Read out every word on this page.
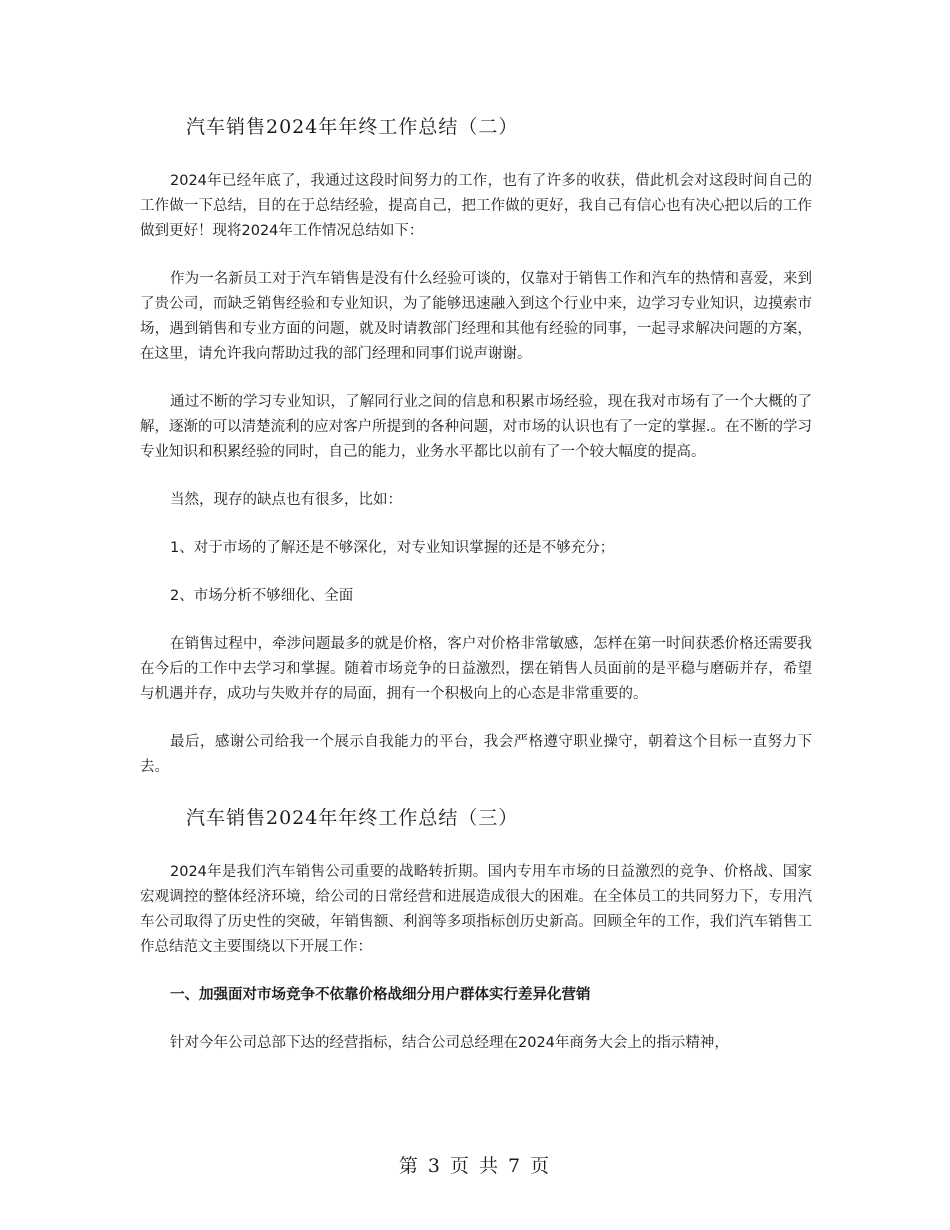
汽车销售2024年年终工作总结（二）

2024年已经年底了，我通过这段时间努力的工作，也有了许多的收获，借此机会对这段时间自己的工作做一下总结，目的在于总结经验，提高自己，把工作做的更好，我自己有信心也有决心把以后的工作做到更好！现将2024年工作情况总结如下：

作为一名新员工对于汽车销售是没有什么经验可谈的，仅靠对于销售工作和汽车的热情和喜爱，来到了贵公司，而缺乏销售经验和专业知识，为了能够迅速融入到这个行业中来，边学习专业知识，边摸索市场，遇到销售和专业方面的问题，就及时请教部门经理和其他有经验的同事，一起寻求解决问题的方案，在这里，请允许我向帮助过我的部门经理和同事们说声谢谢。

通过不断的学习专业知识，了解同行业之间的信息和积累市场经验，现在我对市场有了一个大概的了解，逐渐的可以清楚流利的应对客户所提到的各种问题，对市场的认识也有了一定的掌握.。在不断的学习专业知识和积累经验的同时，自己的能力，业务水平都比以前有了一个较大幅度的提高。

当然，现存的缺点也有很多，比如：

1、对于市场的了解还是不够深化，对专业知识掌握的还是不够充分；

2、市场分析不够细化、全面

在销售过程中，牵涉问题最多的就是价格，客户对价格非常敏感，怎样在第一时间获悉价格还需要我在今后的工作中去学习和掌握。随着市场竞争的日益激烈，摆在销售人员面前的是平稳与磨砺并存，希望与机遇并存，成功与失败并存的局面，拥有一个积极向上的心态是非常重要的。

最后，感谢公司给我一个展示自我能力的平台，我会严格遵守职业操守，朝着这个目标一直努力下去。

汽车销售2024年年终工作总结（三）

2024年是我们汽车销售公司重要的战略转折期。国内专用车市场的日益激烈的竞争、价格战、国家宏观调控的整体经济环境，给公司的日常经营和进展造成很大的困难。在全体员工的共同努力下，专用汽车公司取得了历史性的突破，年销售额、利润等多项指标创历史新高。回顾全年的工作，我们汽车销售工作总结范文主要围绕以下开展工作：

一、加强面对市场竞争不依靠价格战细分用户群体实行差异化营销

针对今年公司总部下达的经营指标，结合公司总经理在2024年商务大会上的指示精神，

第 3 页 共 7 页
